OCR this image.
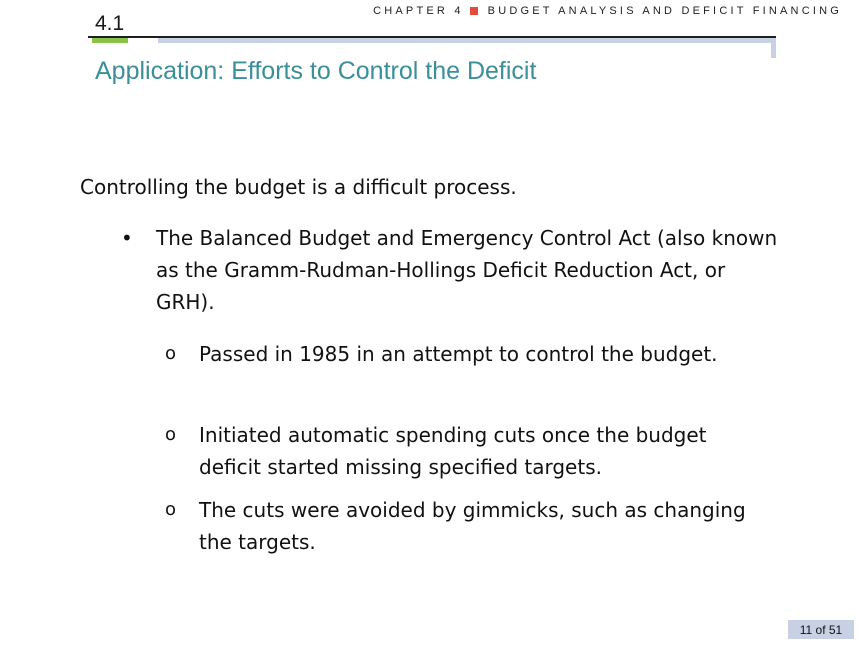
CHAPTER 4 BUDGET ANALYSIS AND DEFICIT FINANCING
4.1
Application: Efforts to Control the Deficit
Controlling the budget is a difficult process.
• The Balanced Budget and Emergency Control Act (also known as the Gramm-Rudman-Hollings Deficit Reduction Act, or GRH).
o Passed in 1985 in an attempt to control the budget.
o Initiated automatic spending cuts once the budget deficit started missing specified targets.
o The cuts were avoided by gimmicks, such as changing the targets.
11 of 51
